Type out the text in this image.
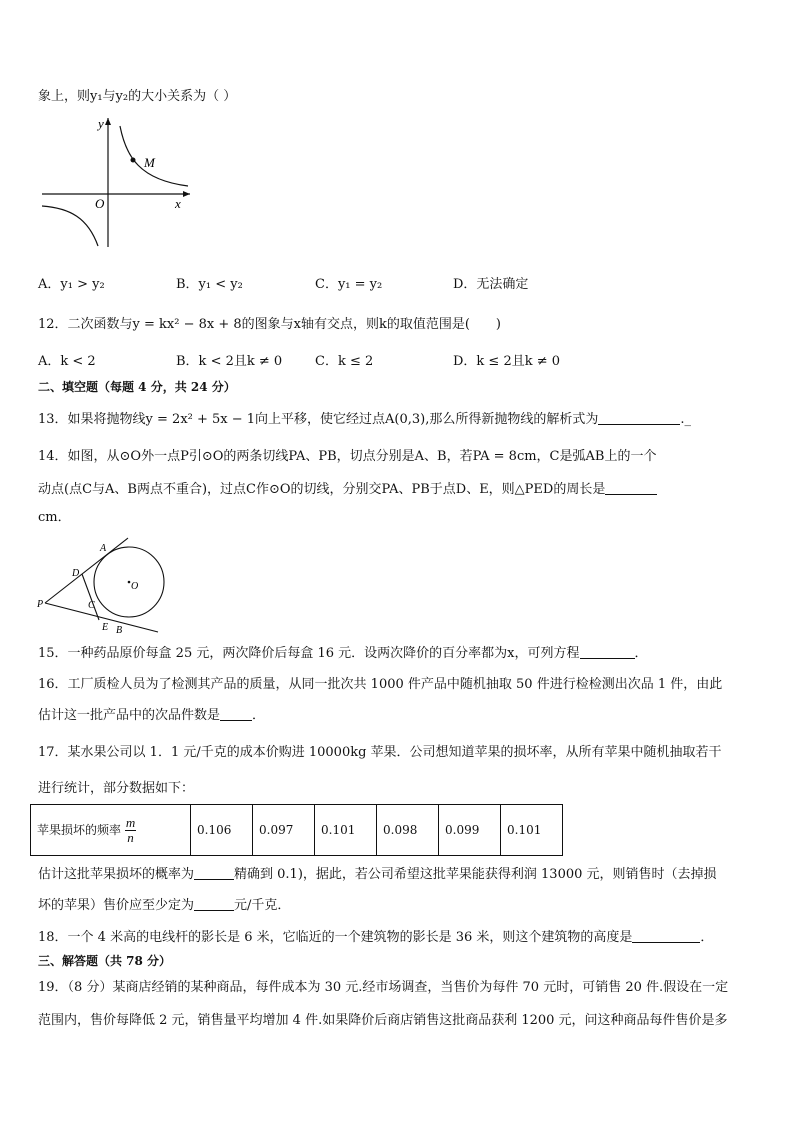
象上，则y₁与y₂的大小关系为（ ）
y
x
O
M
A．y₁ > y₂	B．y₁ < y₂	C．y₁ = y₂	D．无法确定
12．二次函数与y = kx² − 8x + 8的图象与x轴有交点，则k的取值范围是(　　)
A．k < 2	B．k < 2且k ≠ 0	C．k ≤ 2	D．k ≤ 2且k ≠ 0
二、填空题（每题 4 分，共 24 分）
13．如果将抛物线y = 2x² + 5x − 1向上平移，使它经过点A(0,3),那么所得新抛物线的解析式为	._
14．如图，从⊙O外一点P引⊙O的两条切线PA、PB，切点分别是A、B，若PA = 8cm，C是弧AB上的一个
动点(点C与A、B两点不重合)，过点C作⊙O的切线，分别交PA、PB于点D、E，则△PED的周长是
cm．
A
D
P	C
E B
O
15．一种药品原价每盒 25 元，两次降价后每盒 16 元．设两次降价的百分率都为x，可列方程	．
16．工厂质检人员为了检测其产品的质量，从同一批次共 1000 件产品中随机抽取 50 件进行检检测出次品 1 件，由此
估计这一批产品中的次品件数是 ．
17．某水果公司以 1．1 元/千克的成本价购进 10000kg 苹果．公司想知道苹果的损坏率，从所有苹果中随机抽取若干
进行统计，部分数据如下：
苹果损坏的频率 $\frac{m}{n}$	0.106	0.097	0.101	0.098	0.099	0.101
估计这批苹果损坏的概率为	精确到 0.1)，据此，若公司希望这批苹果能获得利润 13000 元，则销售时（去掉损
坏的苹果）售价应至少定为	元/千克．
18．一个 4 米高的电线杆的影长是 6 米，它临近的一个建筑物的影长是 36 米，则这个建筑物的高度是	．
三、解答题（共 78 分）
19．（8 分）某商店经销的某种商品，每件成本为 30 元.经市场调查，当售价为每件 70 元时，可销售 20 件.假设在一定
范围内，售价每降低 2 元，销售量平均增加 4 件.如果降价后商店销售这批商品获利 1200 元，问这种商品每件售价是多
